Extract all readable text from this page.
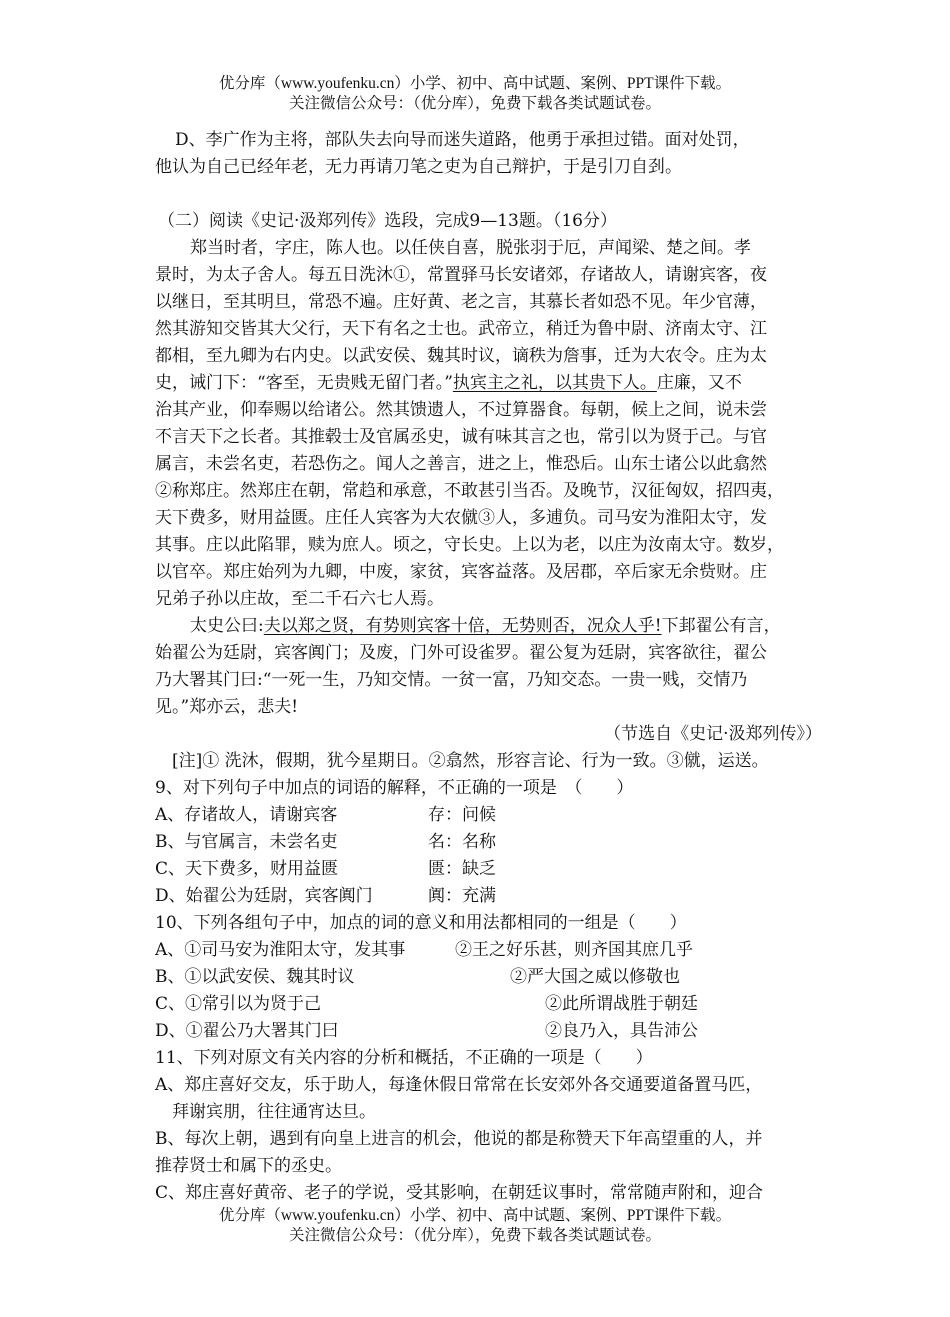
优分库（www.youfenku.cn）小学、初中、高中试题、案例、PPT课件下载。
关注微信公众号：（优分库），免费下载各类试题试卷。
D、李广作为主将，部队失去向导而迷失道路，他勇于承担过错。面对处罚，
他认为自己已经年老，无力再请刀笔之吏为自己辩护，于是引刀自刭。
（二）阅读《史记·汲郑列传》选段，完成9—13题。（16分）
郑当时者，字庄，陈人也。以任侠自喜，脱张羽于厄，声闻梁、楚之间。孝
景时，为太子舍人。每五日洗沐①，常置驿马长安诸郊，存诸故人，请谢宾客，夜
以继日，至其明旦，常恐不遍。庄好黄、老之言，其慕长者如恐不见。年少官薄，
然其游知交皆其大父行，天下有名之士也。武帝立，稍迁为鲁中尉、济南太守、江
都相，至九卿为右内史。以武安侯、魏其时议，谪秩为詹事，迁为大农令。庄为太
史，诫门下：“客至，无贵贱无留门者。”执宾主之礼，以其贵下人。庄廉，又不
治其产业，仰奉赐以给诸公。然其馈遗人，不过算器食。每朝，候上之间，说未尝
不言天下之长者。其推毂士及官属丞史，诚有味其言之也，常引以为贤于己。与官
属言，未尝名吏，若恐伤之。闻人之善言，进之上，惟恐后。山东士诸公以此翕然
②称郑庄。然郑庄在朝，常趋和承意，不敢甚引当否。及晚节，汉征匈奴，招四夷，
天下费多，财用益匮。庄任人宾客为大农僦③人，多逋负。司马安为淮阳太守，发
其事。庄以此陷罪，赎为庶人。顷之，守长史。上以为老，以庄为汝南太守。数岁，
以官卒。郑庄始列为九卿，中废，家贫，宾客益落。及居郡，卒后家无余赀财。庄
兄弟子孙以庄故，至二千石六七人焉。
太史公曰:夫以郑之贤，有势则宾客十倍，无势则否，况众人乎!下邽翟公有言，
始翟公为廷尉，宾客阗门；及废，门外可设雀罗。翟公复为廷尉，宾客欲往，翟公
乃大署其门曰:“一死一生，乃知交情。一贫一富，乃知交态。一贵一贱，交情乃
见。”郑亦云，悲夫!
（节选自《史记·汲郑列传》）
[注]① 洗沐，假期，犹今星期日。②翕然，形容言论、行为一致。③僦，运送。
9、对下列句子中加点的词语的解释，不正确的一项是　（　　）
A、存诸故人，请谢宾客	存：问候
B、与官属言，未尝名吏	名：名称
C、天下费多，财用益匮	匮：缺乏
D、始翟公为廷尉，宾客阗门	阗：充满
10、下列各组句子中，加点的词的意义和用法都相同的一组是（　　）
A、①司马安为淮阳太守，发其事	②王之好乐甚，则齐国其庶几乎
B、①以武安侯、魏其时议	②严大国之威以修敬也
C、①常引以为贤于己	②此所谓战胜于朝廷
D、①翟公乃大署其门曰	②良乃入，具告沛公
11、下列对原文有关内容的分析和概括，不正确的一项是（　　）
A、郑庄喜好交友，乐于助人，每逢休假日常常在长安郊外各交通要道备置马匹，
拜谢宾朋，往往通宵达旦。
B、每次上朝，遇到有向皇上进言的机会，他说的都是称赞天下年高望重的人，并
推荐贤士和属下的丞史。
C、郑庄喜好黄帝、老子的学说，受其影响，在朝廷议事时，常常随声附和，迎合
优分库（www.youfenku.cn）小学、初中、高中试题、案例、PPT课件下载。
关注微信公众号：（优分库），免费下载各类试题试卷。
